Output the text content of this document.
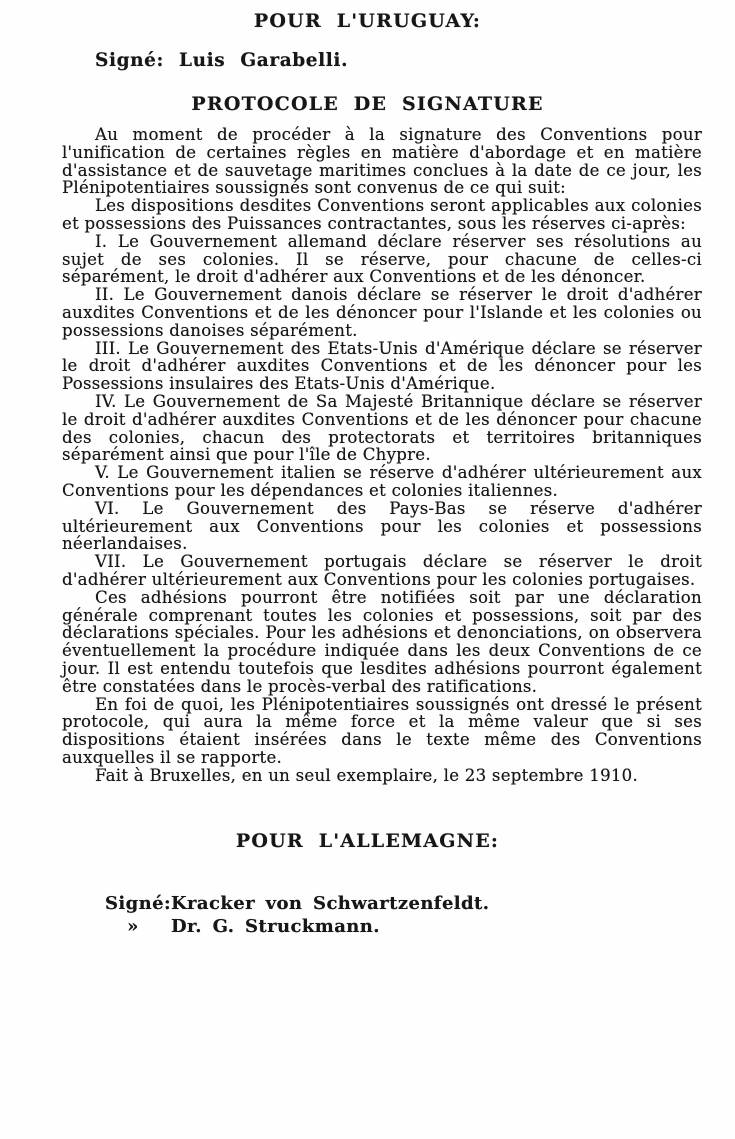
POUR L'URUGUAY:
Signé: Luis Garabelli.
PROTOCOLE DE SIGNATURE

Au moment de procéder à la signature des Conventions pour l'unification de certaines règles en matière d'abordage et en matière d'assistance et de sauvetage maritimes conclues à la date de ce jour, les Plénipotentiaires soussignés sont convenus de ce qui suit:

Les dispositions desdites Conventions seront applicables aux colonies et possessions des Puissances contractantes, sous les réserves ci-après:

I. Le Gouvernement allemand déclare réserver ses résolutions au sujet de ses colonies. Il se réserve, pour chacune de celles-ci séparément, le droit d'adhérer aux Conventions et de les dénoncer.

II. Le Gouvernement danois déclare se réserver le droit d'adhérer auxdites Conventions et de les dénoncer pour l'Islande et les colonies ou possessions danoises séparément.

III. Le Gouvernement des Etats-Unis d'Amérique déclare se réserver le droit d'adhérer auxdites Conventions et de les dénoncer pour les Possessions insulaires des Etats-Unis d'Amérique.

IV. Le Gouvernement de Sa Majesté Britannique déclare se réserver le droit d'adhérer auxdites Conventions et de les dénoncer pour chacune des colonies, chacun des protectorats et territoires britanniques séparément ainsi que pour l'île de Chypre.

V. Le Gouvernement italien se réserve d'adhérer ultérieurement aux Conventions pour les dépendances et colonies italiennes.

VI. Le Gouvernement des Pays-Bas se réserve d'adhérer ultérieurement aux Conventions pour les colonies et possessions néerlandaises.

VII. Le Gouvernement portugais déclare se réserver le droit d'adhérer ultérieurement aux Conventions pour les colonies portugaises.

Ces adhésions pourront être notifiées soit par une déclaration générale comprenant toutes les colonies et possessions, soit par des déclarations spéciales. Pour les adhésions et denonciations, on observera éventuellement la procédure indiquée dans les deux Conventions de ce jour. Il est entendu toutefois que lesdites adhésions pourront également être constatées dans le procès-verbal des ratifications.

En foi de quoi, les Plénipotentiaires soussignés ont dressé le présent protocole, qui aura la même force et la même valeur que si ses dispositions étaient insérées dans le texte même des Conventions auxquelles il se rapporte.

Fait à Bruxelles, en un seul exemplaire, le 23 septembre 1910.

POUR L'ALLEMAGNE:
Signé: Kracker von Schwartzenfeldt.
»	Dr. G. Struckmann.
